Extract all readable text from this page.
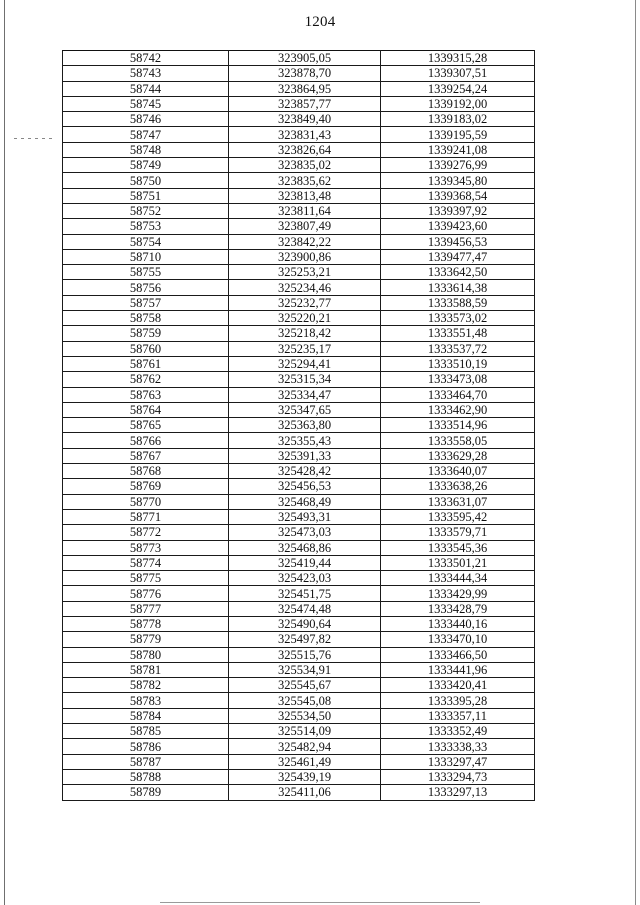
1204
58742	323905,05	1339315,28
58743	323878,70	1339307,51
58744	323864,95	1339254,24
58745	323857,77	1339192,00
58746	323849,40	1339183,02
58747	323831,43	1339195,59
58748	323826,64	1339241,08
58749	323835,02	1339276,99
58750	323835,62	1339345,80
58751	323813,48	1339368,54
58752	323811,64	1339397,92
58753	323807,49	1339423,60
58754	323842,22	1339456,53
58710	323900,86	1339477,47
58755	325253,21	1333642,50
58756	325234,46	1333614,38
58757	325232,77	1333588,59
58758	325220,21	1333573,02
58759	325218,42	1333551,48
58760	325235,17	1333537,72
58761	325294,41	1333510,19
58762	325315,34	1333473,08
58763	325334,47	1333464,70
58764	325347,65	1333462,90
58765	325363,80	1333514,96
58766	325355,43	1333558,05
58767	325391,33	1333629,28
58768	325428,42	1333640,07
58769	325456,53	1333638,26
58770	325468,49	1333631,07
58771	325493,31	1333595,42
58772	325473,03	1333579,71
58773	325468,86	1333545,36
58774	325419,44	1333501,21
58775	325423,03	1333444,34
58776	325451,75	1333429,99
58777	325474,48	1333428,79
58778	325490,64	1333440,16
58779	325497,82	1333470,10
58780	325515,76	1333466,50
58781	325534,91	1333441,96
58782	325545,67	1333420,41
58783	325545,08	1333395,28
58784	325534,50	1333357,11
58785	325514,09	1333352,49
58786	325482,94	1333338,33
58787	325461,49	1333297,47
58788	325439,19	1333294,73
58789	325411,06	1333297,13
